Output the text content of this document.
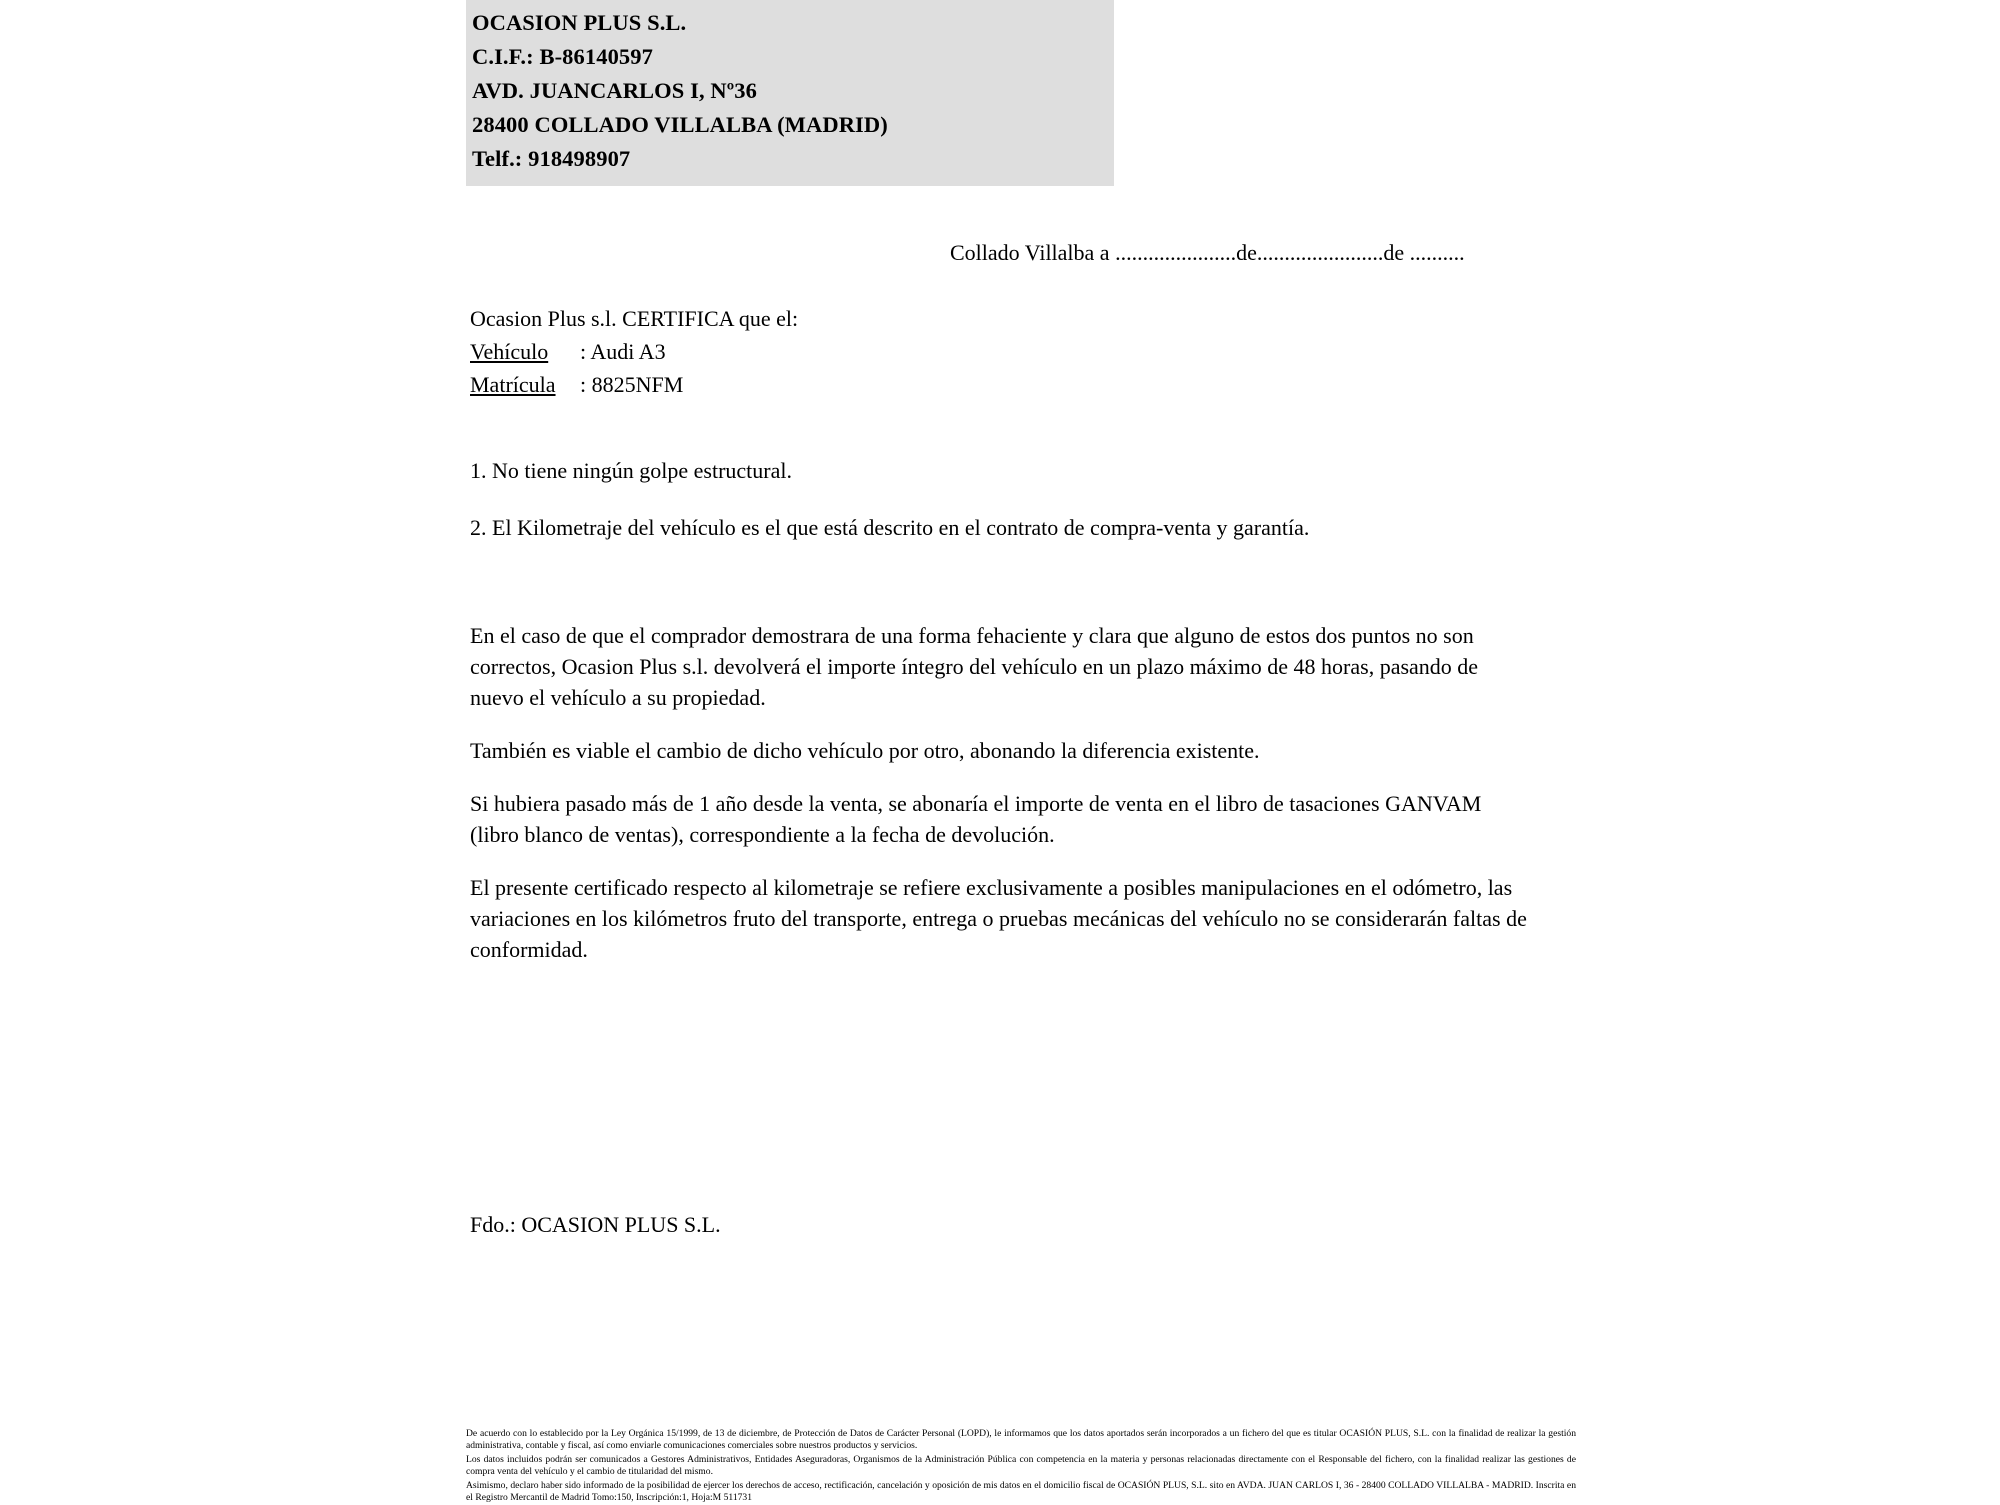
OCASION PLUS S.L.
C.I.F.: B-86140597
AVD. JUANCARLOS I, Nº36
28400 COLLADO VILLALBA (MADRID)
Telf.: 918498907
Collado Villalba a ......................de.......................de ..........
Ocasion Plus s.l. CERTIFICA que el:
Vehículo : Audi A3
Matrícula : 8825NFM
1. No tiene ningún golpe estructural.
2. El Kilometraje del vehículo es el que está descrito en el contrato de compra-venta y garantía.

En el caso de que el comprador demostrara de una forma fehaciente y clara que alguno de estos dos puntos no son correctos, Ocasion Plus s.l. devolverá el importe íntegro del vehículo en un plazo máximo de 48 horas, pasando de nuevo el vehículo a su propiedad.

También es viable el cambio de dicho vehículo por otro, abonando la diferencia existente.

Si hubiera pasado más de 1 año desde la venta, se abonaría el importe de venta en el libro de tasaciones GANVAM (libro blanco de ventas), correspondiente a la fecha de devolución.

El presente certificado respecto al kilometraje se refiere exclusivamente a posibles manipulaciones en el odómetro, las variaciones en los kilómetros fruto del transporte, entrega o pruebas mecánicas del vehículo no se considerarán faltas de conformidad.

Fdo.: OCASION PLUS S.L.

De acuerdo con lo establecido por la Ley Orgánica 15/1999, de 13 de diciembre, de Protección de Datos de Carácter Personal (LOPD), le informamos que los datos aportados serán incorporados a un fichero del que es titular OCASIÓN PLUS, S.L. con la finalidad de realizar la gestión administrativa, contable y fiscal, así como enviarle comunicaciones comerciales sobre nuestros productos y servicios.

Los datos incluidos podrán ser comunicados a Gestores Administrativos, Entidades Aseguradoras, Organismos de la Administración Pública con competencia en la materia y personas relacionadas directamente con el Responsable del fichero, con la finalidad realizar las gestiones de compra venta del vehículo y el cambio de titularidad del mismo.

Asimismo, declaro haber sido informado de la posibilidad de ejercer los derechos de acceso, rectificación, cancelación y oposición de mis datos en el domicilio fiscal de OCASIÓN PLUS, S.L. sito en AVDA. JUAN CARLOS I, 36 - 28400 COLLADO VILLALBA - MADRID. Inscrita en el Registro Mercantil de Madrid Tomo:150, Inscripción:1, Hoja:M 511731
